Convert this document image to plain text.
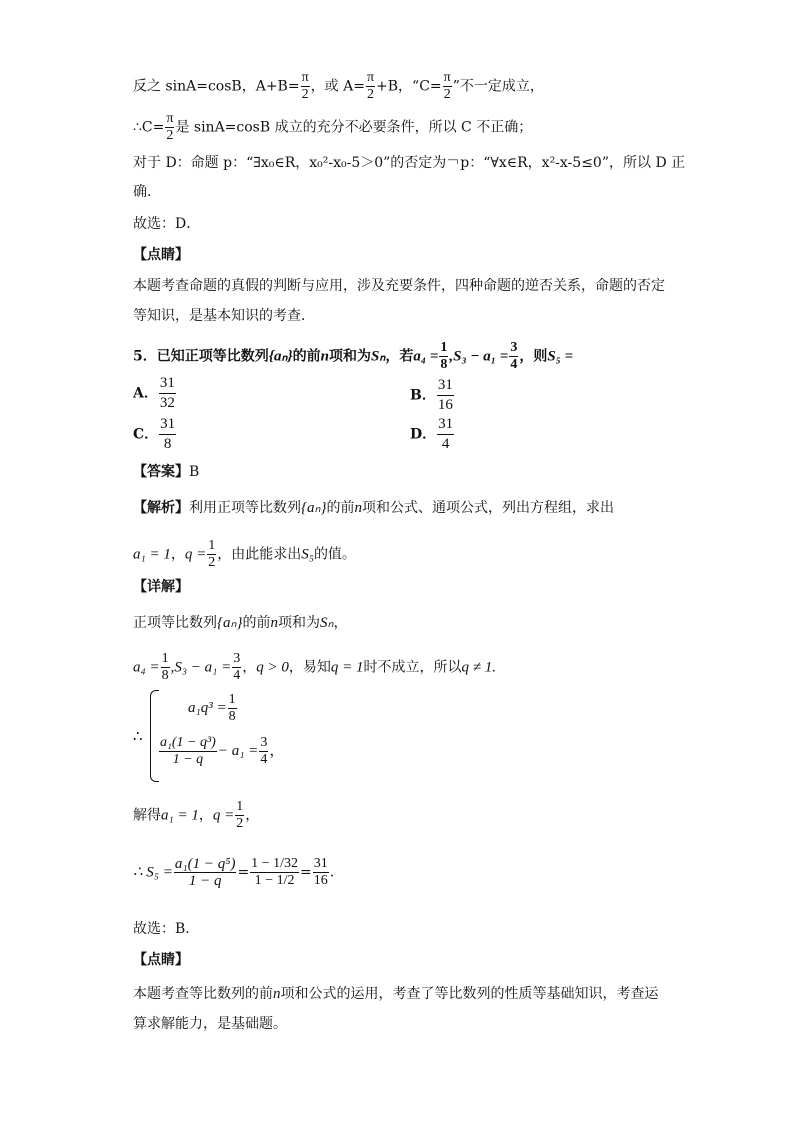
反之 sinA=cosB，$A+B= \frac{\pi}{2}$ ，或 $A= \frac{\pi}{2} +B$，“$C= \frac{\pi}{2}$ ”不一定成立，
∴C= $\frac{\pi}{2}$ 是 sinA=cosB 成立的充分不必要条件，所以 C 不正确；
对于 D：命题 p：“∃x₀∈R，x₀²-x₀-5＞0”的否定为￢p：“∀x∈R，x²-x-5≤0”，所以 D 正
确.
故选：D．
【点睛】
本题考查命题的真假的判断与应用，涉及充要条件，四种命题的逆否关系，命题的否定
等知识，是基本知识的考查．
5．已知正项等比数列{aₙ}的前n项和为Sₙ，若$a_4 = \frac{1}{8} ,S_3 - a_1 = \frac{3}{4}$ ，则S₅ =
A． $\frac{31}{32}$	B． $\frac{31}{16}$
C． $\frac{31}{8}$	D． $\frac{31}{4}$
【答案】B
【解析】利用正项等比数列{aₙ}的前n项和公式、通项公式，列出方程组，求出
a₁ = 1，$q = \frac{1}{2}$ ，由此能求出S₅的值。
【详解】
正项等比数列{aₙ}的前n项和为Sₙ，
$a_4 = \frac{1}{8} ,S_3 - a_1 = \frac{3}{4}$ ，q > 0，易知q = 1时不成立，所以q ≠ 1.
∴
$a_1q^3 = \frac{1}{8}$
$\frac{\text{a₁(1 − q³)}}{1 - q} - a_1 = \frac{3}{4}$ ，
解得a₁ = 1，$q = \frac{1}{2}$ ，
∴ $S_5 = \frac{\text{a₁(1 − q⁵)}}{1 - q} = \frac{1 - 1/32}{1 - 1/2} = \frac{31}{16}$ .
故选：B．
【点睛】
本题考查等比数列的前n项和公式的运用，考查了等比数列的性质等基础知识，考查运
算求解能力，是基础题。
